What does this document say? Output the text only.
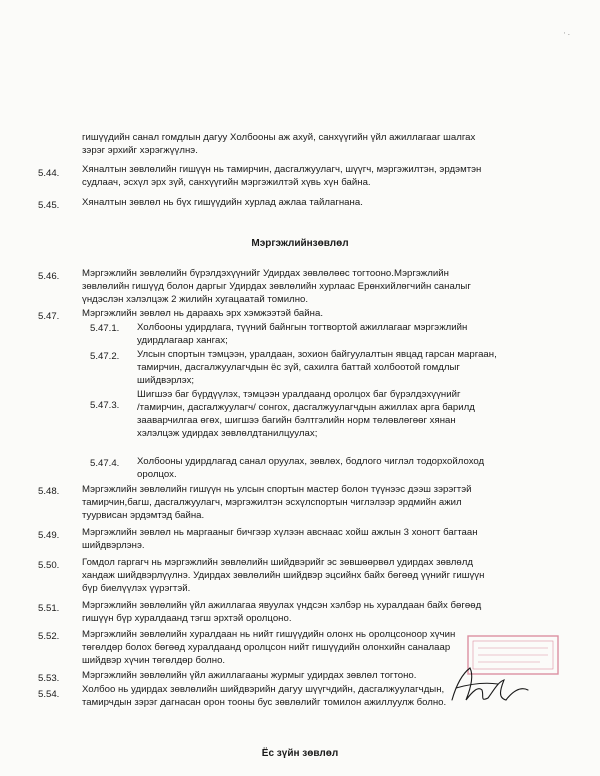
∙ .
гишүүдийн санал гомдлын дагуу Холбооны аж ахуй, санхүүгийн үйл ажиллагааг шалгах
зэрэг эрхийг хэрэгжүүлнэ.
5.44. Хяналтын зөвлөлийн гишүүн нь тамирчин, дасгалжуулагч, шүүгч, мэргэжилтэн, эрдэмтэн
судлаач, эсхүл эрх зүй, санхүүгийн мэргэжилтэй хүвь хүн байна.
5.45. Хяналтын зөвлөл нь бүх гишүүдийн хурлад ажлаа тайлагнана.
Мэргэжлийнзөвлөл
5.46. Мэргэжлийн зөвлөлийн бүрэлдэхүүнийг Удирдах зөвлөлөөс тогтооно.Мэргэжлийн
зөвлөлийн гишүүд болон даргыг Удирдах зөвлөлийн хурлаас Ерөнхийлөгчийн саналыг
үндэслэн хэлэлцэж 2 жилийн хугацаатай томилно.
5.47. Мэргэжлийн зөвлөл нь дараахь эрх хэмжээтэй байна.
5.47.1. Холбооны удирдлага, түүний байнгын тогтвортой ажиллагааг мэргэжлийн
удирдлагаар хангах;
5.47.2. Улсын спортын тэмцээн, уралдаан, зохион байгуулалтын явцад гарсан маргаан,
тамирчин, дасгалжуулагчдын ёс зүй, сахилга баттай холбоотой гомдлыг
шийдвэрлэх;
5.47.3.
Шигшээ баг бүрдүүлэх, тэмцээн уралдаанд оролцох баг бүрэлдэхүүнийг
/тамирчин, дасгалжуулагч/ сонгох, дасгалжуулагчдын ажиллах арга барилд
зааварчилгаа өгөх, шигшээ багийн бэлтгэлийн норм төлөвлөгөөг хянан
хэлэлцэж удирдах зөвлөлдтанилцуулах;
5.47.4. Холбооны удирдлагад санал оруулах, зөвлөх, бодлого чиглэл тодорхойлоход
оролцох.
5.48. Мэргэжлийн зөвлөлийн гишүүн нь улсын спортын мастер болон түүнээс дээш зэрэгтэй
тамирчин,багш, дасгалжуулагч, мэргэжилтэн эсхүлспортын чиглэлээр эрдмийн ажил
туурвисан эрдэмтэд байна.
5.49. Мэргэжлийн зөвлөл нь маргааныг бичгээр хүлээн авснаас хойш ажлын 3 хоногт багтаан
шийдвэрлэнэ.
5.50. Гомдол гаргагч нь мэргэжлийн зөвлөлийн шийдвэрийг эс зөвшөөрвөл удирдах зөвлөлд
хандаж шийдвэрлүүлнэ. Удирдах зөвлөлийн шийдвэр эцсийнх байх бөгөөд үүнийг гишүүн
бүр биелүүлэх үүрэгтэй.
5.51. Мэргэжлийн зөвлөлийн үйл ажиллагаа явуулах үндсэн хэлбэр нь хуралдаан байх бөгөөд
гишүүн бүр хуралдаанд тэгш эрхтэй оролцоно.
5.52. Мэргэжлийн зөвлөлийн хуралдаан нь нийт гишүүдийн олонх нь оролцсоноор хүчин
төгөлдөр болох бөгөөд хуралдаанд оролцсон нийт гишүүдийн олонхийн саналаар
шийдвэр хүчин төгөлдөр болно.
5.53. Мэргэжлийн зөвлөлийн үйл ажиллагааны журмыг удирдах зөвлөл тогтоно.
5.54. Холбоо нь удирдах зөвлөлийн шийдвэрийн дагуу шүүгчдийн, дасгалжуулагчдын,
тамирчдын зэрэг дагнасан орон тооны бус зөвлөлийг томилон ажиллуулж болно.
Ёс зүйн зөвлөл
